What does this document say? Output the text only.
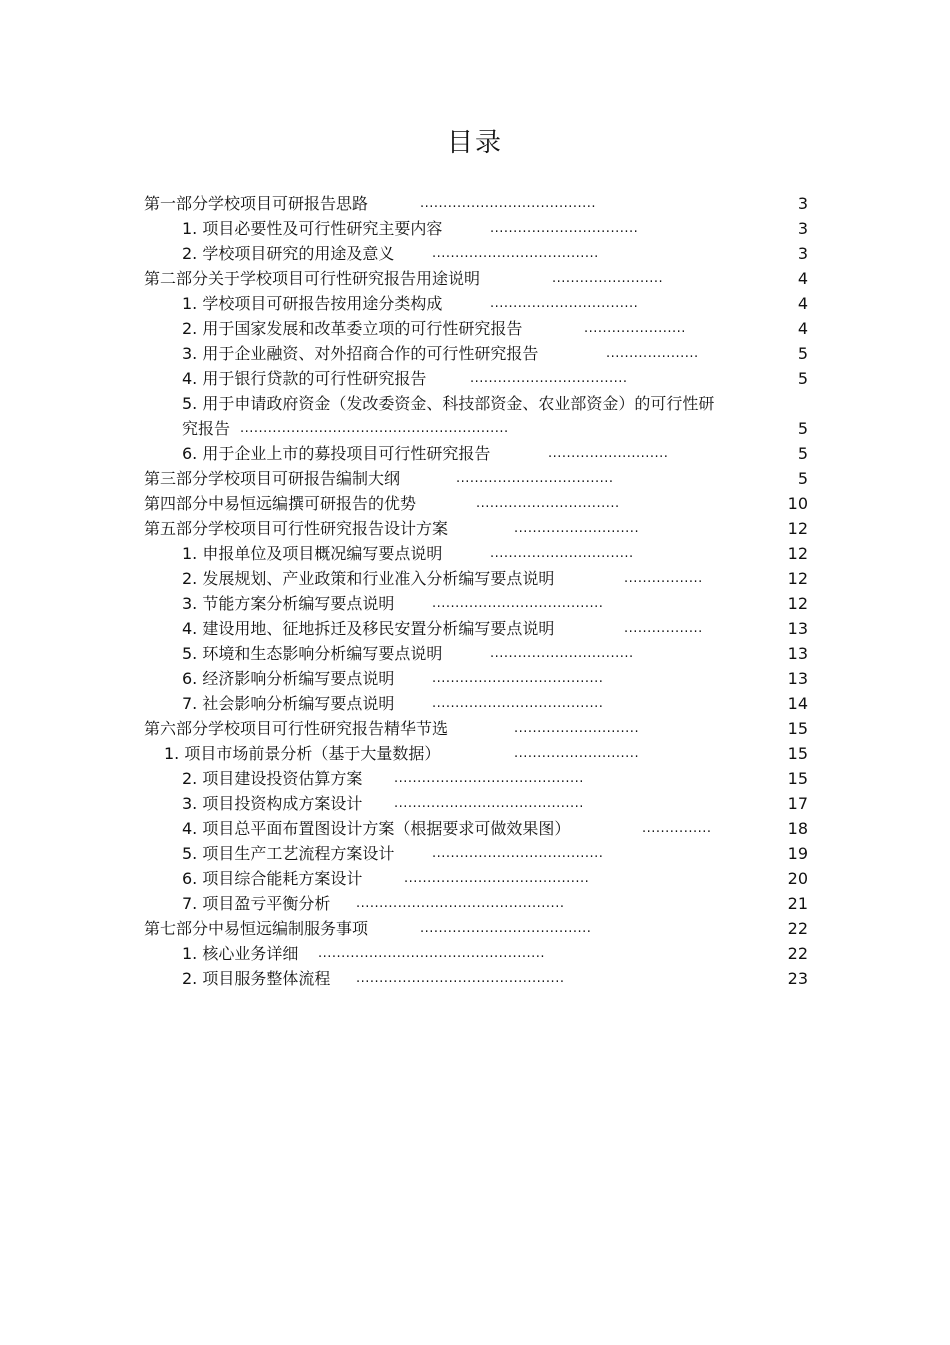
目录
第一部分学校项目可研报告思路	......................................	3
1. 项目必要性及可行性研究主要内容	................................	3
2. 学校项目研究的用途及意义	....................................	3
第二部分关于学校项目可行性研究报告用途说明	........................	4
1. 学校项目可研报告按用途分类构成	................................	4
2. 用于国家发展和改革委立项的可行性研究报告	......................	4
3. 用于企业融资、对外招商合作的可行性研究报告	....................	5
4. 用于银行贷款的可行性研究报告	..................................	5
5. 用于申请政府资金（发改委资金、科技部资金、农业部资金）的可行性研
究报告 ..........................................................	5
6. 用于企业上市的募投项目可行性研究报告	..........................	5
第三部分学校项目可研报告编制大纲	..................................	5
第四部分中易恒远编撰可研报告的优势	...............................	10
第五部分学校项目可行性研究报告设计方案	...........................	12
1. 申报单位及项目概况编写要点说明	...............................	12
2. 发展规划、产业政策和行业准入分析编写要点说明	.................	12
3. 节能方案分析编写要点说明	.....................................	12
4. 建设用地、征地拆迁及移民安置分析编写要点说明	.................	13
5. 环境和生态影响分析编写要点说明	...............................	13
6. 经济影响分析编写要点说明	.....................................	13
7. 社会影响分析编写要点说明	.....................................	14
第六部分学校项目可行性研究报告精华节选	...........................	15
1. 项目市场前景分析（基于大量数据）	...........................	15
2. 项目建设投资估算方案 .........................................	15
3. 项目投资构成方案设计 .........................................	17
4. 项目总平面布置图设计方案（根据要求可做效果图）	...............	18
5. 项目生产工艺流程方案设计	.....................................	19
6. 项目综合能耗方案设计	........................................	20
7. 项目盈亏平衡分析 .............................................	21
第七部分中易恒远编制服务事项	.....................................	22
1. 核心业务详细 .................................................	22
2. 项目服务整体流程 .............................................	23
